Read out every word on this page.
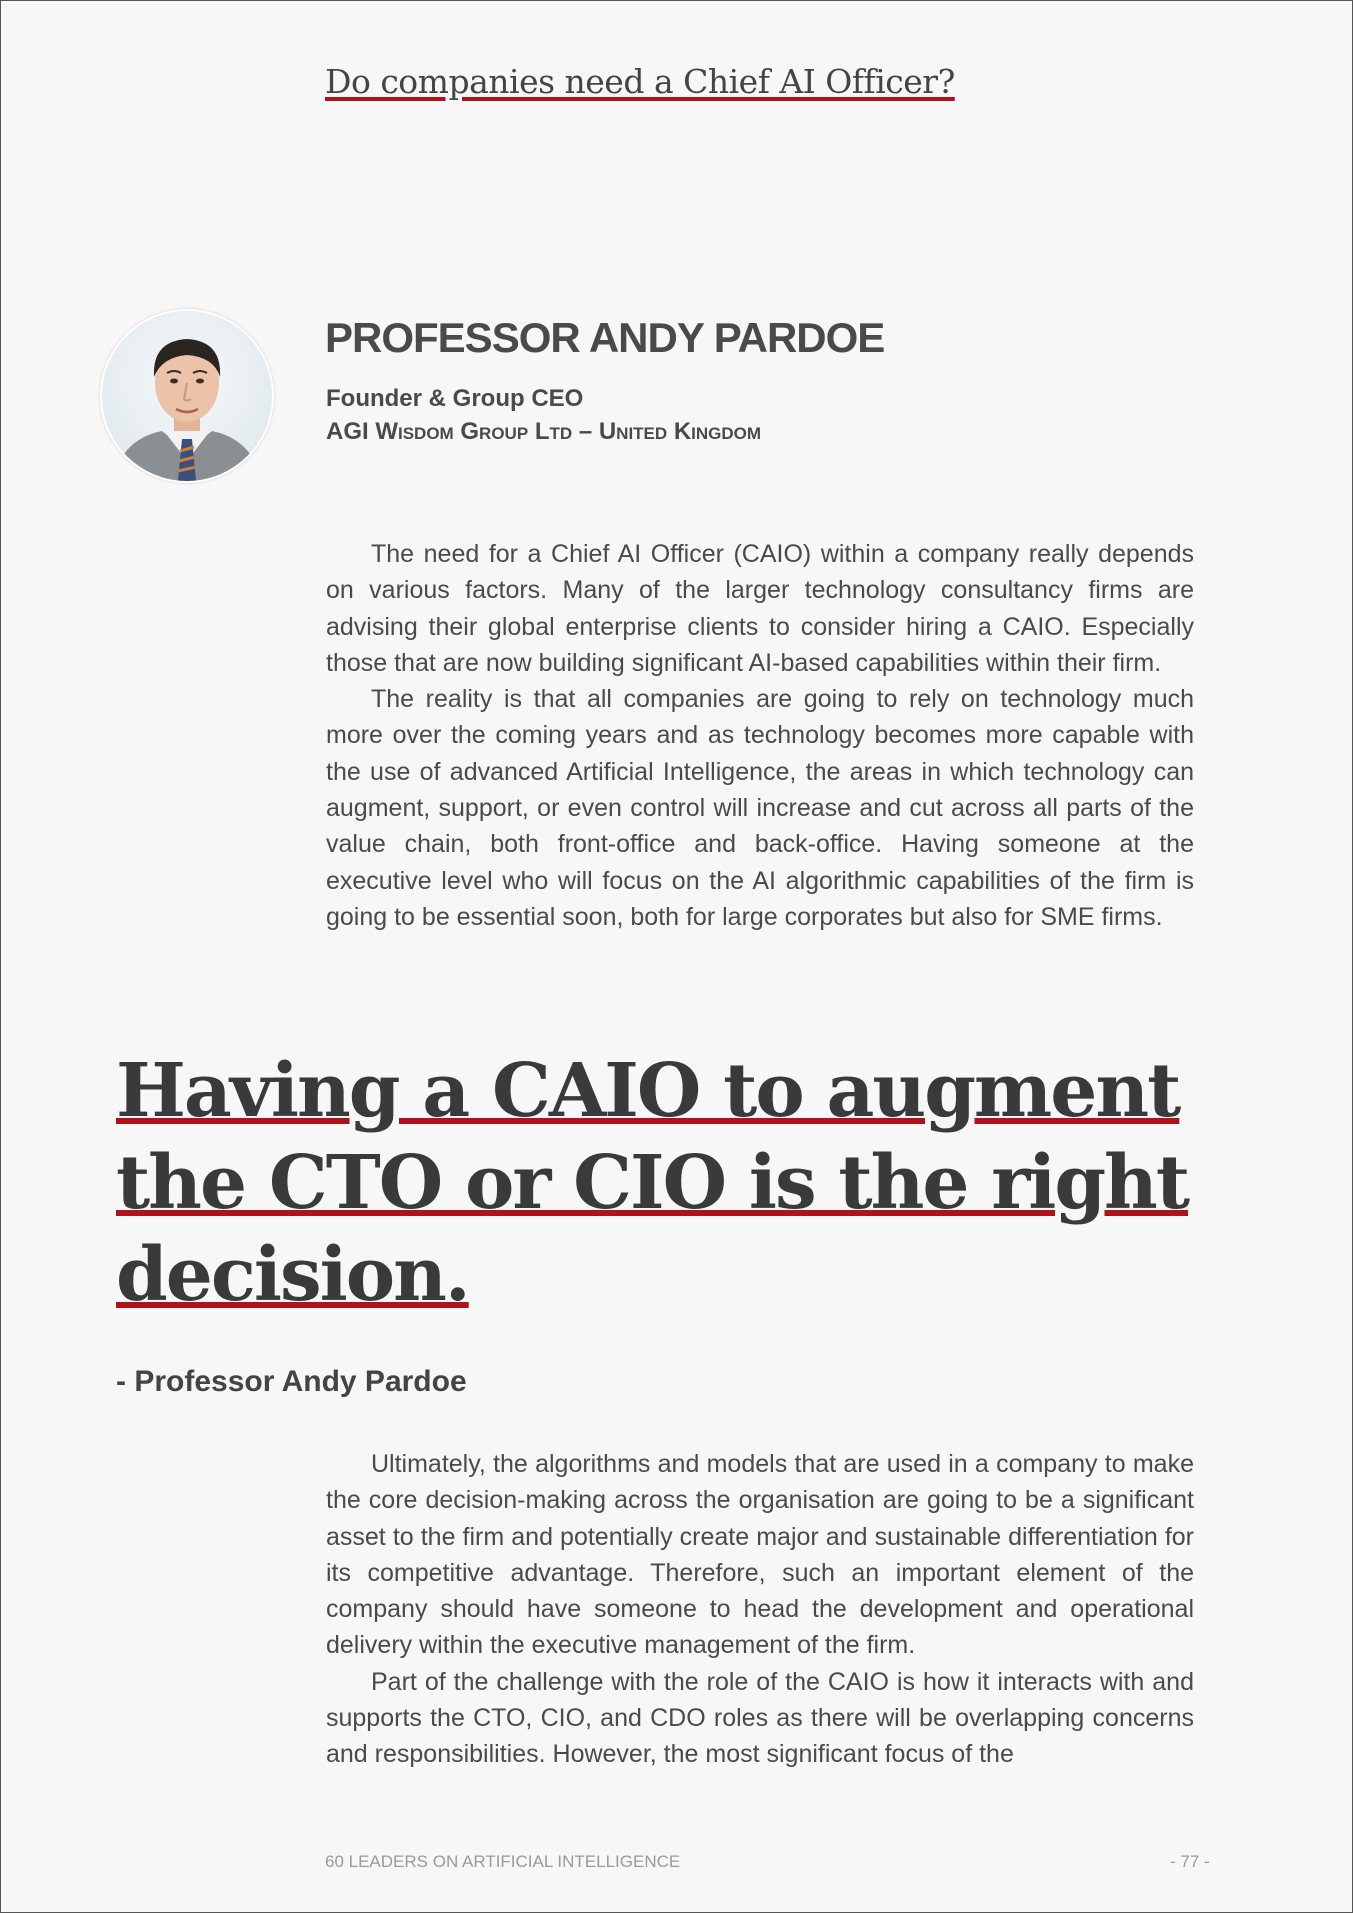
Do companies need a Chief AI Officer?
PROFESSOR ANDY PARDOE
Founder & Group CEO
AGI Wisdom Group Ltd – United Kingdom

The need for a Chief AI Officer (CAIO) within a company really depends on various factors. Many of the larger technology consultancy firms are advising their global enterprise clients to consider hiring a CAIO. Especially those that are now building significant AI-based capabilities within their firm.

The reality is that all companies are going to rely on technology much more over the coming years and as technology becomes more capable with the use of advanced Artificial Intelligence, the areas in which technology can augment, support, or even control will increase and cut across all parts of the value chain, both front-office and back-office. Having someone at the executive level who will focus on the AI algorithmic capabilities of the firm is going to be essential soon, both for large corporates but also for SME firms.

Having a CAIO to augment the CTO or CIO is the right decision.
- Professor Andy Pardoe

Ultimately, the algorithms and models that are used in a company to make the core decision-making across the organisation are going to be a significant asset to the firm and potentially create major and sustainable differentiation for its competitive advantage. Therefore, such an important element of the company should have someone to head the development and operational delivery within the executive management of the firm.

Part of the challenge with the role of the CAIO is how it interacts with and supports the CTO, CIO, and CDO roles as there will be overlapping concerns and responsibilities. However, the most significant focus of the

60 LEADERS ON ARTIFICIAL INTELLIGENCE	- 77 -
